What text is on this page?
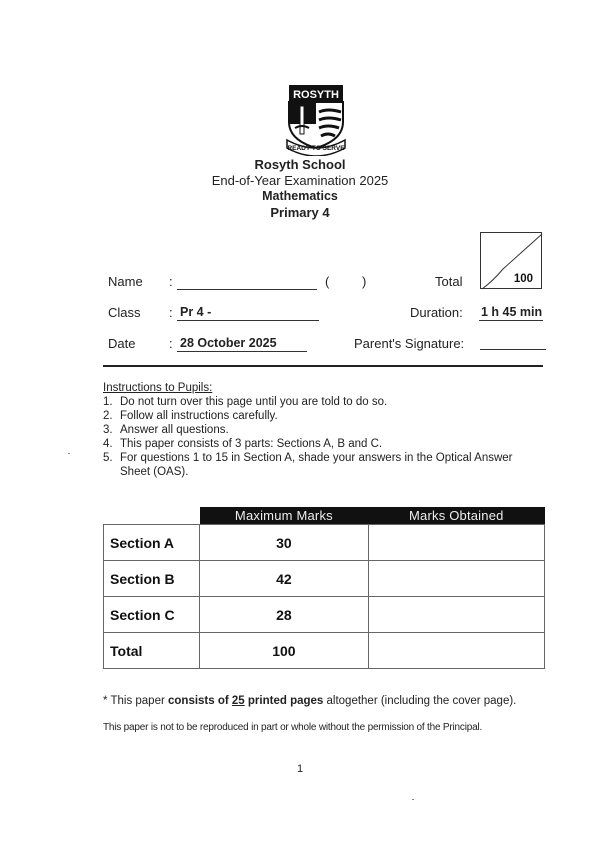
ROSYTH
READY TO SERVE
Rosyth School
End-of-Year Examination 2025
Mathematics
Primary 4
Name :	(	)	Total	100
Class : Pr 4 -	Duration: 1 h 45 min
Date	: 28 October 2025	Parent's Signature:
Instructions to Pupils:
1. Do not turn over this page until you are told to do so.
2. Follow all instructions carefully.
3. Answer all questions.
4. This paper consists of 3 parts: Sections A, B and C.
5. For questions 1 to 15 in Section A, shade your answers in the Optical Answer Sheet (OAS).
	Maximum Marks	Marks Obtained
Section A	30	
Section B	42	
Section C	28	
Total	100	
* This paper consists of 25 printed pages altogether (including the cover page).
This paper is not to be reproduced in part or whole without the permission of the Principal.
1
